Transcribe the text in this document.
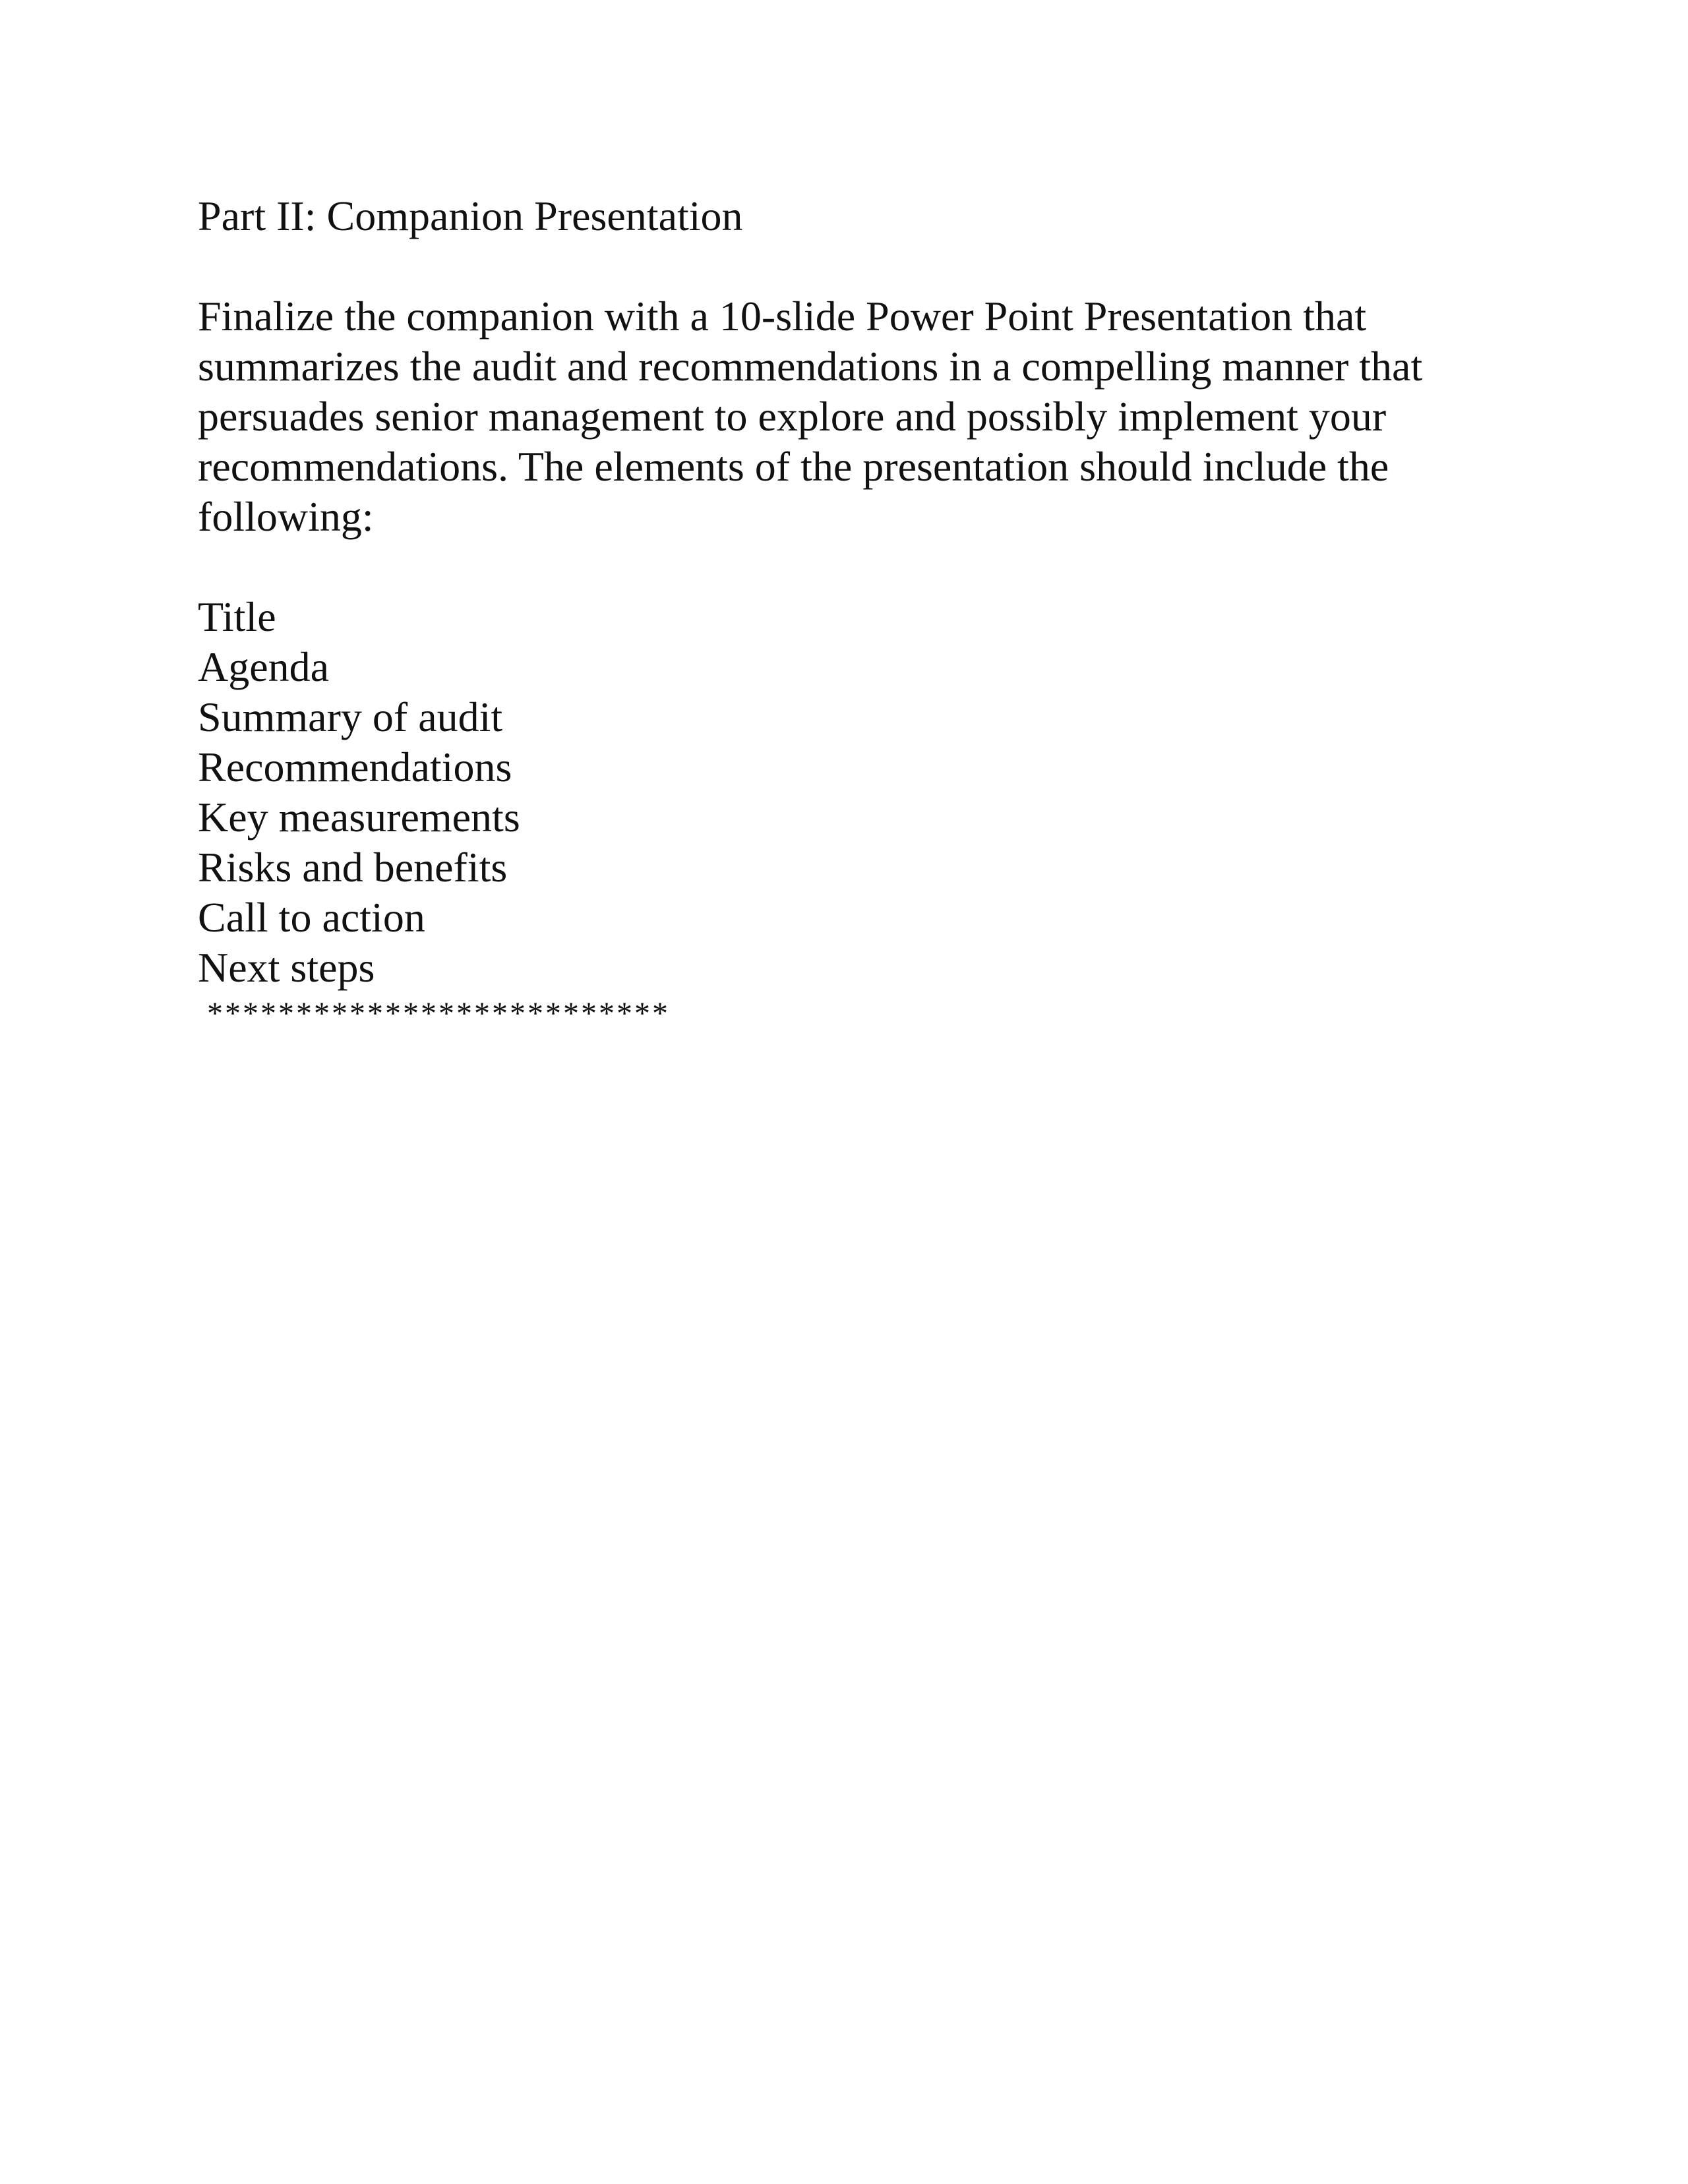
Part II: Companion Presentation
Finalize the companion with a 10-slide Power Point Presentation that
summarizes the audit and recommendations in a compelling manner that
persuades senior management to explore and possibly implement your
recommendations. The elements of the presentation should include the
following:
Title
Agenda
Summary of audit
Recommendations
Key measurements
Risks and benefits
Call to action
Next steps
**************************
